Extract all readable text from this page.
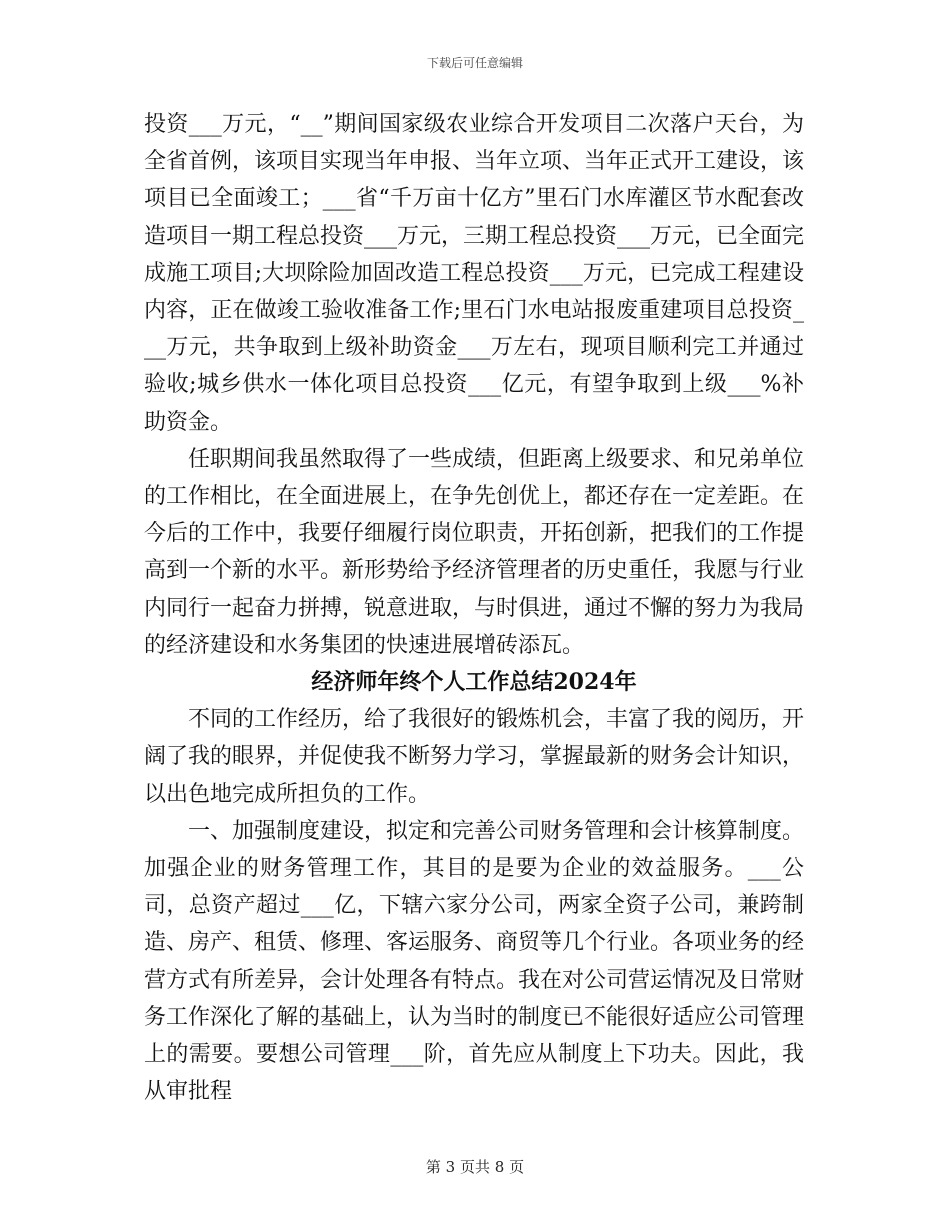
下载后可任意编辑

投资___万元，“__”期间国家级农业综合开发项目二次落户天台，为全省首例，该项目实现当年申报、当年立项、当年正式开工建设，该项目已全面竣工；___省“千万亩十亿方”里石门水库灌区节水配套改造项目一期工程总投资___万元，三期工程总投资___万元，已全面完成施工项目;大坝除险加固改造工程总投资___万元，已完成工程建设内容，正在做竣工验收准备工作;里石门水电站报废重建项目总投资___万元，共争取到上级补助资金___万左右，现项目顺利完工并通过验收;城乡供水一体化项目总投资___亿元，有望争取到上级___%补助资金。

任职期间我虽然取得了一些成绩，但距离上级要求、和兄弟单位的工作相比，在全面进展上，在争先创优上，都还存在一定差距。在今后的工作中，我要仔细履行岗位职责，开拓创新，把我们的工作提高到一个新的水平。新形势给予经济管理者的历史重任，我愿与行业内同行一起奋力拼搏，锐意进取，与时俱进，通过不懈的努力为我局的经济建设和水务集团的快速进展增砖添瓦。

经济师年终个人工作总结2024年

不同的工作经历，给了我很好的锻炼机会，丰富了我的阅历，开阔了我的眼界，并促使我不断努力学习，掌握最新的财务会计知识，以出色地完成所担负的工作。

一、加强制度建设，拟定和完善公司财务管理和会计核算制度。加强企业的财务管理工作，其目的是要为企业的效益服务。___公司，总资产超过___亿，下辖六家分公司，两家全资子公司，兼跨制造、房产、租赁、修理、客运服务、商贸等几个行业。各项业务的经营方式有所差异，会计处理各有特点。我在对公司营运情况及日常财务工作深化了解的基础上，认为当时的制度已不能很好适应公司管理上的需要。要想公司管理___阶，首先应从制度上下功夫。因此，我从审批程

第 3 页共 8 页
